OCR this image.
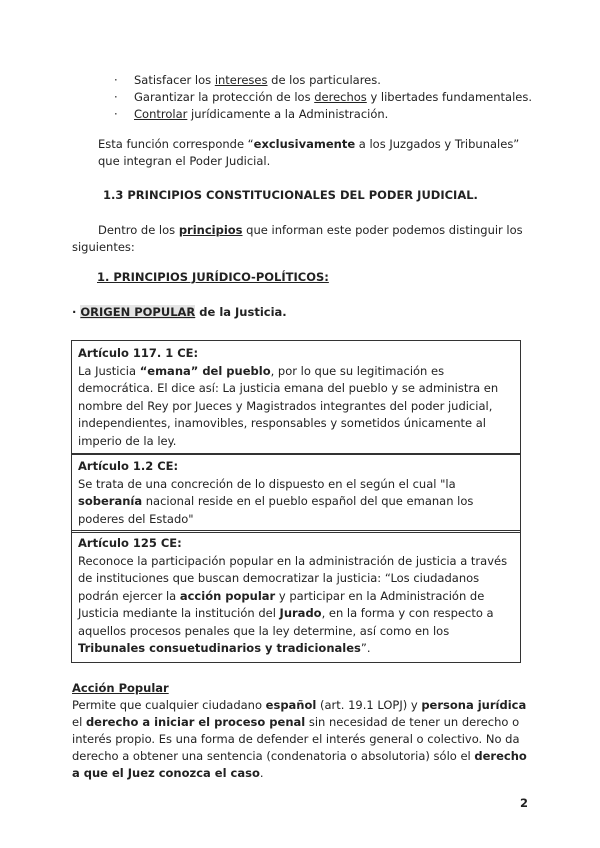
· Satisfacer los intereses de los particulares.
· Garantizar la protección de los derechos y libertades fundamentales.
· Controlar jurídicamente a la Administración.
Esta función corresponde “exclusivamente a los Juzgados y Tribunales” que integran el Poder Judicial.
1.3 PRINCIPIOS CONSTITUCIONALES DEL PODER JUDICIAL.
Dentro de los principios que informan este poder podemos distinguir los siguientes:
1. PRINCIPIOS JURÍDICO-POLÍTICOS:
· ORIGEN POPULAR de la Justicia.
Artículo 117. 1 CE:
La Justicia “emana” del pueblo, por lo que su legitimación es democrática. El dice así: La justicia emana del pueblo y se administra en nombre del Rey por Jueces y Magistrados integrantes del poder judicial, independientes, inamovibles, responsables y sometidos únicamente al imperio de la ley.
Artículo 1.2 CE:
Se trata de una concreción de lo dispuesto en el según el cual "la soberanía nacional reside en el pueblo español del que emanan los poderes del Estado"
Artículo 125 CE:
Reconoce la participación popular en la administración de justicia a través de instituciones que buscan democratizar la justicia: “Los ciudadanos podrán ejercer la acción popular y participar en la Administración de Justicia mediante la institución del Jurado, en la forma y con respecto a aquellos procesos penales que la ley determine, así como en los Tribunales consuetudinarios y tradicionales”.
Acción Popular
Permite que cualquier ciudadano español (art. 19.1 LOPJ) y persona jurídica el derecho a iniciar el proceso penal sin necesidad de tener un derecho o interés propio. Es una forma de defender el interés general o colectivo. No da derecho a obtener una sentencia (condenatoria o absolutoria) sólo el derecho a que el Juez conozca el caso.
2
